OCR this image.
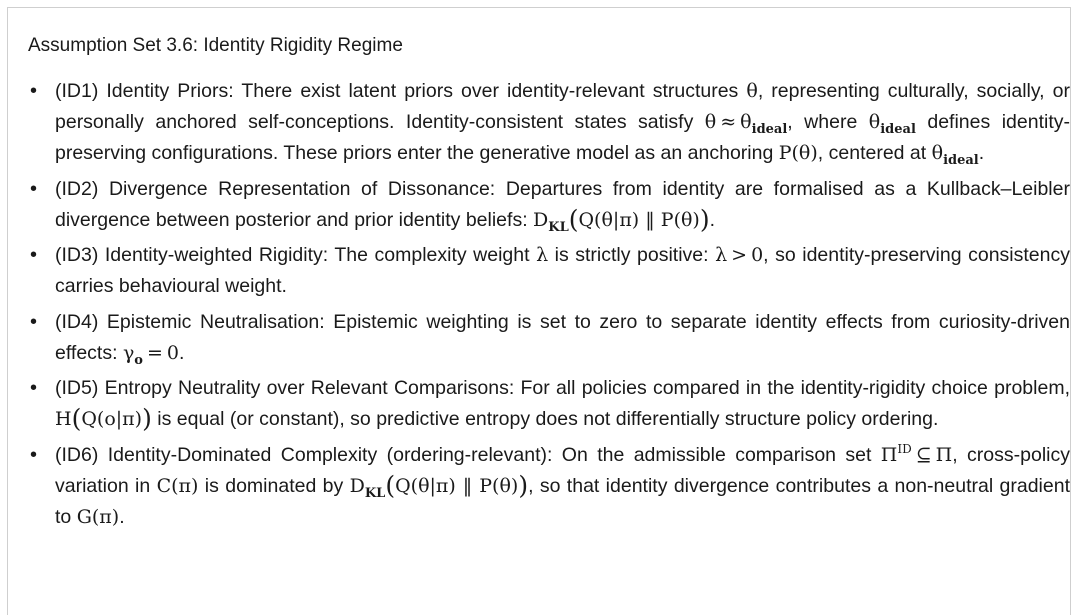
Assumption Set 3.6: Identity Rigidity Regime
• (ID1) Identity Priors: There exist latent priors over identity-relevant structures θ, representing culturally, socially, or personally anchored self-conceptions. Identity-consistent states satisfy $\theta \approx \theta_{ideal}$, where $\theta_{ideal}$ defines identity-preserving configurations. These priors enter the generative model as an anchoring P(θ), centered at $\theta_{ideal}$.
• (ID2) Divergence Representation of Dissonance: Departures from identity are formalised as a Kullback–Leibler divergence between posterior and prior identity beliefs: $D_{KL}(Q(\theta|\pi)$ ‖ P(θ)).
• (ID3) Identity-weighted Rigidity: The complexity weight λ is strictly positive: λ > 0, so identity-preserving consistency carries behavioural weight.
• (ID4) Epistemic Neutralisation: Epistemic weighting is set to zero to separate identity effects from curiosity-driven effects: $\gamma_o = 0$.
• (ID5) Entropy Neutrality over Relevant Comparisons: For all policies compared in the identity-rigidity choice problem, H(Q(o|π)) is equal (or constant), so predictive entropy does not differentially structure policy ordering.
• (ID6) Identity-Dominated Complexity (ordering-relevant): On the admissible comparison set $\Pi^{ID}$ ⊆ Π, cross-policy variation in C(π) is dominated by $D_{KL}(Q(\theta|\pi)$ ‖ P(θ)), so that identity divergence contributes a non-neutral gradient to G(π).
